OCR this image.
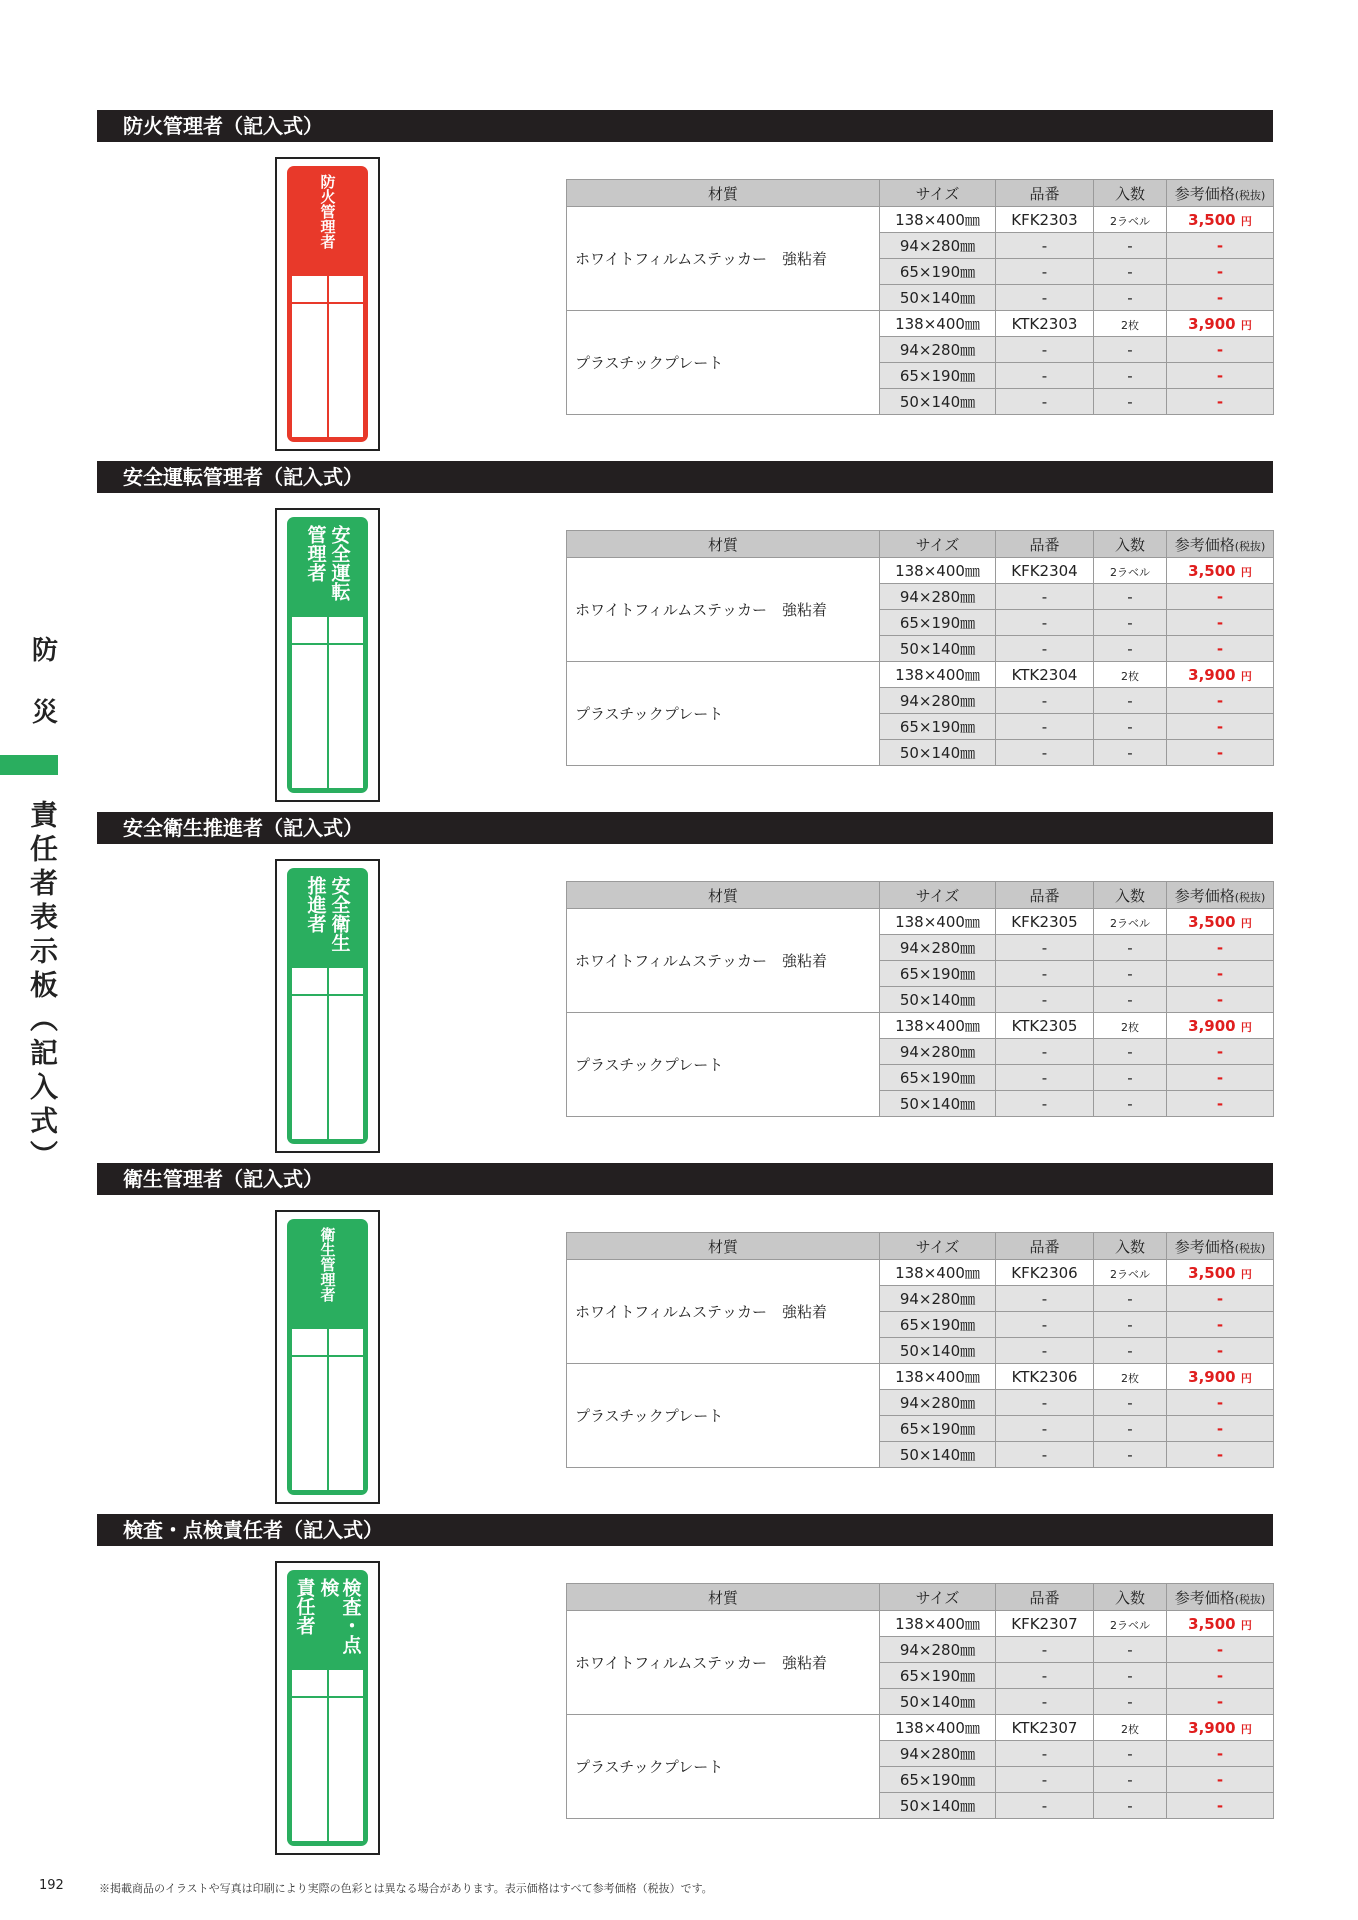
防
災
責任者表示板（記入式）
防火管理者（記入式）
防火管理者	材質	サイズ	品番	入数	参考価格(税抜)
ホワイトフィルムステッカー　強粘着	138×400㎜	KFK2303	2ラベル	3,500 円
	94×280㎜	-	-	-
	65×190㎜	-	-	-
	50×140㎜	-	-	-
プラスチックプレート	138×400㎜	KTK2303	2枚	3,900 円
	94×280㎜	-	-	-
	65×190㎜	-	-	-
	50×140㎜	-	-	-
安全運転管理者（記入式）
安全運転
管理者	材質	サイズ	品番	入数	参考価格(税抜)
ホワイトフィルムステッカー　強粘着	138×400㎜	KFK2304	2ラベル	3,500 円
	94×280㎜	-	-	-
	65×190㎜	-	-	-
	50×140㎜	-	-	-
プラスチックプレート	138×400㎜	KTK2304	2枚	3,900 円
	94×280㎜	-	-	-
	65×190㎜	-	-	-
	50×140㎜	-	-	-
安全衛生推進者（記入式）
安全衛生
推進者	材質	サイズ	品番	入数	参考価格(税抜)
ホワイトフィルムステッカー　強粘着	138×400㎜	KFK2305	2ラベル	3,500 円
	94×280㎜	-	-	-
	65×190㎜	-	-	-
	50×140㎜	-	-	-
プラスチックプレート	138×400㎜	KTK2305	2枚	3,900 円
	94×280㎜	-	-	-
	65×190㎜	-	-	-
	50×140㎜	-	-	-
衛生管理者（記入式）
衛生管理者	材質	サイズ	品番	入数	参考価格(税抜)
ホワイトフィルムステッカー　強粘着	138×400㎜	KFK2306	2ラベル	3,500 円
	94×280㎜	-	-	-
	65×190㎜	-	-	-
	50×140㎜	-	-	-
プラスチックプレート	138×400㎜	KTK2306	2枚	3,900 円
	94×280㎜	-	-	-
	65×190㎜	-	-	-
	50×140㎜	-	-	-
検査・点検責任者（記入式）
検査・点検
責任者	材質	サイズ	品番	入数	参考価格(税抜)
ホワイトフィルムステッカー　強粘着	138×400㎜	KFK2307	2ラベル	3,500 円
	94×280㎜	-	-	-
	65×190㎜	-	-	-
	50×140㎜	-	-	-
プラスチックプレート	138×400㎜	KTK2307	2枚	3,900 円
	94×280㎜	-	-	-
	65×190㎜	-	-	-
	50×140㎜	-	-	-
192	※掲載商品のイラストや写真は印刷により実際の色彩とは異なる場合があります。表示価格はすべて参考価格（税抜）です。
